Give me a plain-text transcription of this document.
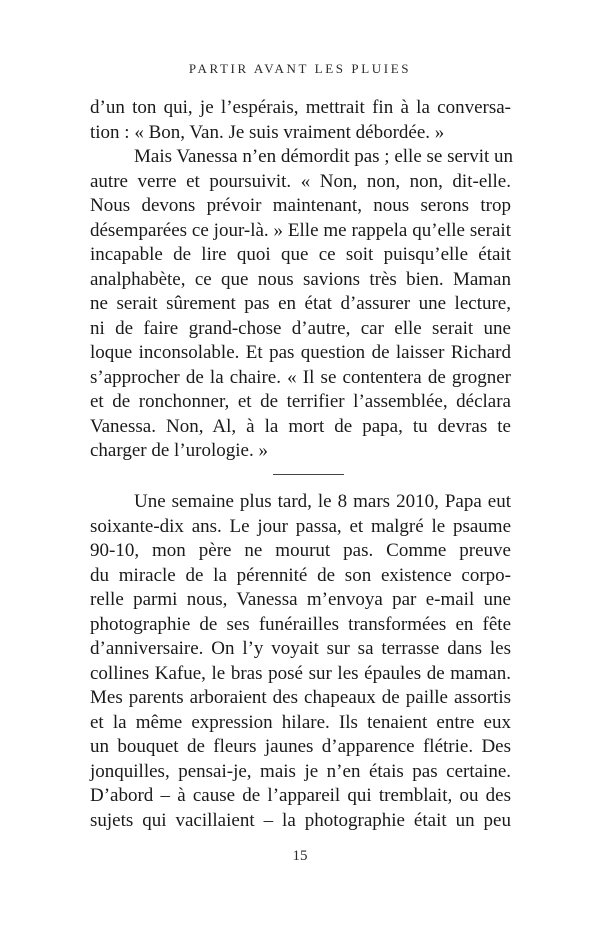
PARTIR AVANT LES PLUIES
d’un ton qui, je l’espérais, mettrait fin à la conversa-
tion : « Bon, Van. Je suis vraiment débordée. »
Mais Vanessa n’en démordit pas ; elle se servit un
autre verre et poursuivit. « Non, non, non, dit-elle.
Nous devons prévoir maintenant, nous serons trop
désemparées ce jour-là. » Elle me rappela qu’elle serait
incapable de lire quoi que ce soit puisqu’elle était
analphabète, ce que nous savions très bien. Maman
ne serait sûrement pas en état d’assurer une lecture,
ni de faire grand-chose d’autre, car elle serait une
loque inconsolable. Et pas question de laisser Richard
s’approcher de la chaire. « Il se contentera de grogner
et de ronchonner, et de terrifier l’assemblée, déclara
Vanessa. Non, Al, à la mort de papa, tu devras te
charger de l’urologie. »
Une semaine plus tard, le 8 mars 2010, Papa eut
soixante-dix ans. Le jour passa, et malgré le psaume
90-10, mon père ne mourut pas. Comme preuve
du miracle de la pérennité de son existence corpo-
relle parmi nous, Vanessa m’envoya par e-mail une
photographie de ses funérailles transformées en fête
d’anniversaire. On l’y voyait sur sa terrasse dans les
collines Kafue, le bras posé sur les épaules de maman.
Mes parents arboraient des chapeaux de paille assortis
et la même expression hilare. Ils tenaient entre eux
un bouquet de fleurs jaunes d’apparence flétrie. Des
jonquilles, pensai-je, mais je n’en étais pas certaine.
D’abord – à cause de l’appareil qui tremblait, ou des
sujets qui vacillaient – la photographie était un peu
15
